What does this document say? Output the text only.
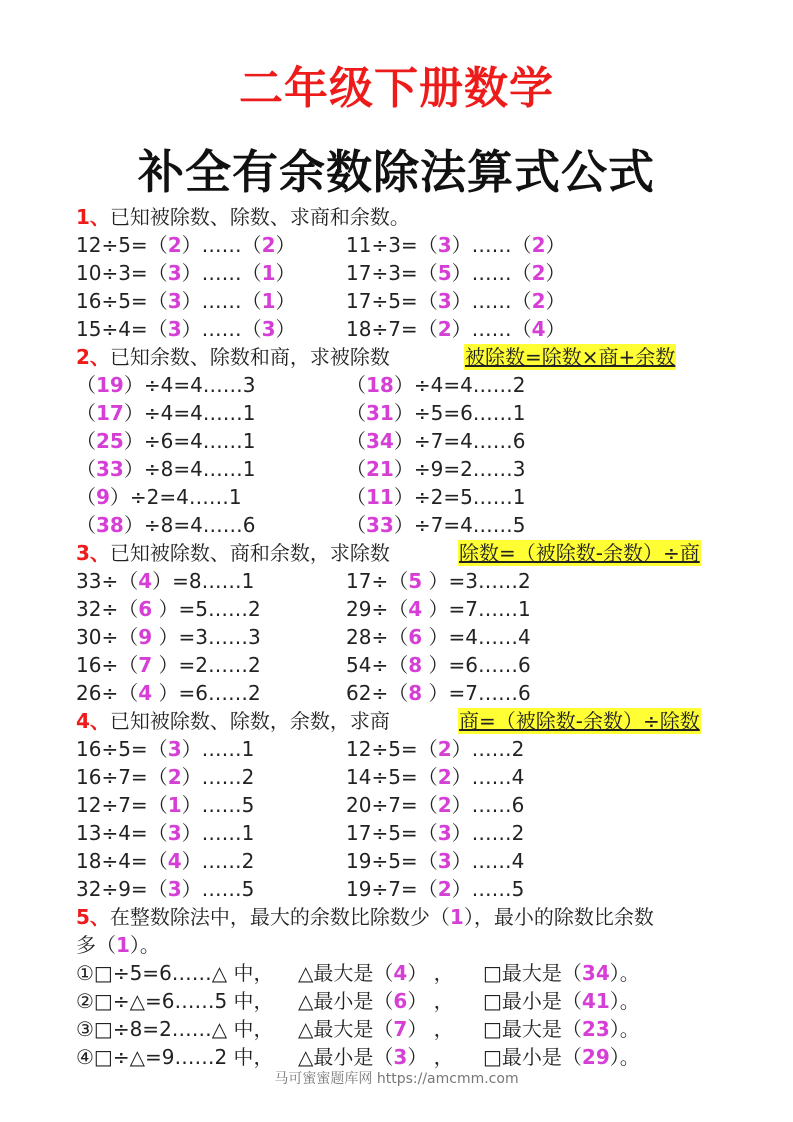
二年级下册数学
补全有余数除法算式公式
1、已知被除数、除数、求商和余数。
12÷5=（2）……（2）	11÷3=（3）……（2）
10÷3=（3）……（1）	17÷3=（5）……（2）
16÷5=（3）……（1）	17÷5=（3）……（2）
15÷4=（3）……（3）	18÷7=（2）……（4）
2、已知余数、除数和商，求被除数	被除数=除数×商+余数
（19）÷4=4……3	（18）÷4=4……2
（17）÷4=4……1	（31）÷5=6……1
（25）÷6=4……1	（34）÷7=4……6
（33）÷8=4……1	（21）÷9=2……3
（9）÷2=4……1	（11）÷2=5……1
（38）÷8=4……6	（33）÷7=4……5
3、已知被除数、商和余数，求除数	除数=（被除数-余数）÷商
33÷（4）=8……1	17÷（5 ）=3……2
32÷（6 ）=5……2	29÷（4 ）=7……1
30÷（9 ）=3……3	28÷（6 ）=4……4
16÷（7 ）=2……2	54÷（8 ）=6……6
26÷（4 ）=6……2	62÷（8 ）=7……6
4、已知被除数、除数，余数，求商	商=（被除数-余数）÷除数
16÷5=（3）……1	12÷5=（2）……2
16÷7=（2）……2	14÷5=（2）……4
12÷7=（1）……5	20÷7=（2）……6
13÷4=（3）……1	17÷5=（3）……2
18÷4=（4）……2	19÷5=（3）……4
32÷9=（3）……5	19÷7=（2）……5
5、在整数除法中，最大的余数比除数少（1），最小的除数比余数
多（1）。
①□÷5=6……△ 中， △最大是（4） ， □最大是（34）。
②□÷△=6……5 中， △最小是（6） ， □最小是（41）。
③□÷8=2……△ 中， △最大是（7） ， □最大是（23）。
④□÷△=9……2 中， △最小是（3） ， □最小是（29）。
马可蜜蜜题库网 https://amcmm.com
